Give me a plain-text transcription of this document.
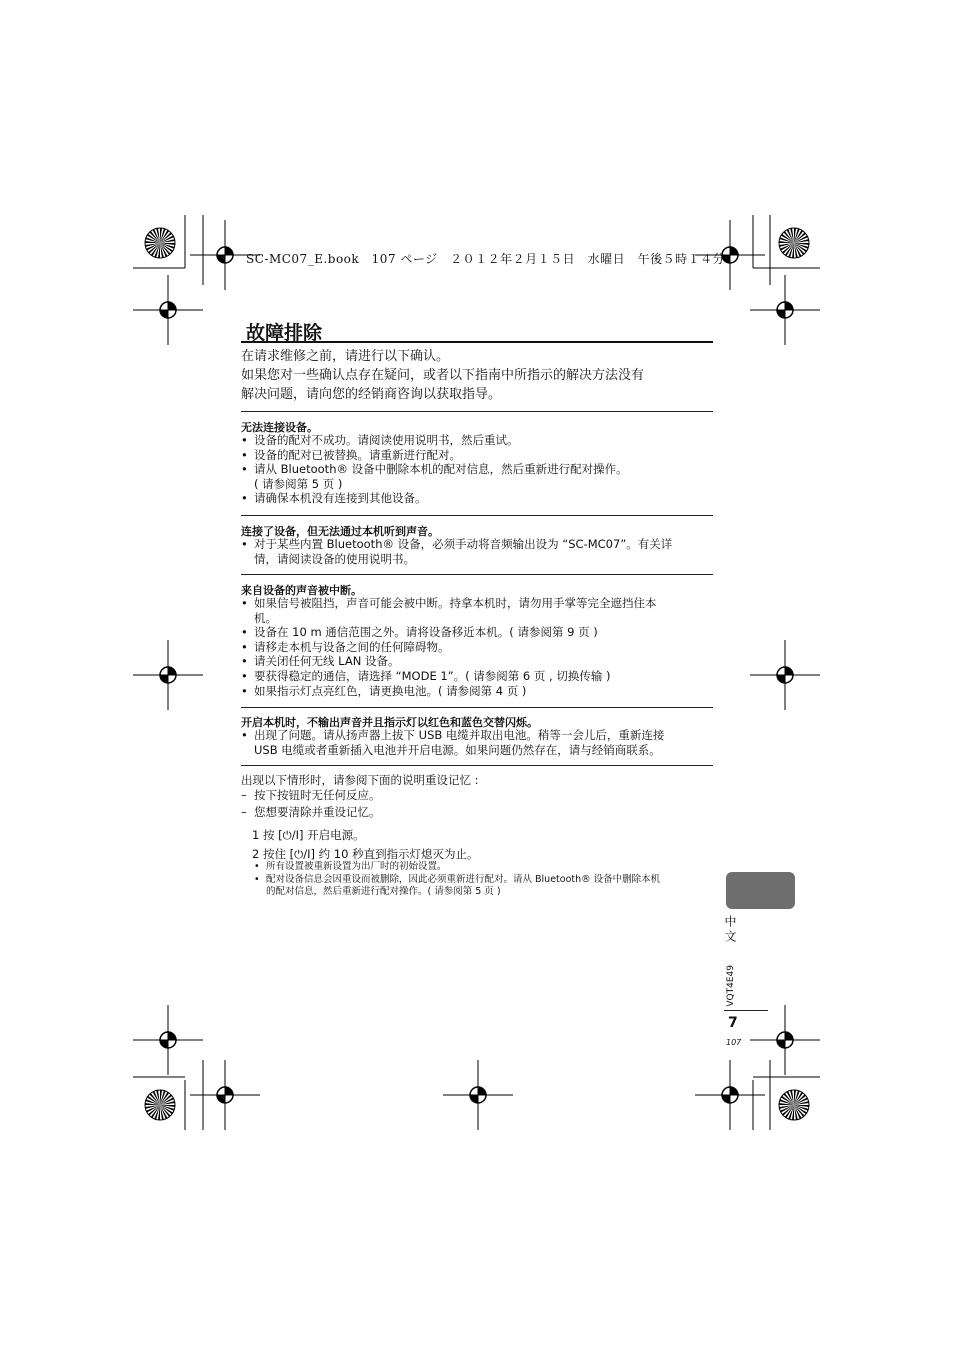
SC-MC07_E.book　107 ページ　２０１２年２月１５日　水曜日　午後５時１４分
故障排除
在请求维修之前，请进行以下确认。
如果您对一些确认点存在疑问，或者以下指南中所指示的解决方法没有
解决问题，请向您的经销商咨询以获取指导。
无法连接设备。
• 设备的配对不成功。请阅读使用说明书，然后重试。
• 设备的配对已被替换。请重新进行配对。
• 请从 Bluetooth® 设备中删除本机的配对信息，然后重新进行配对操作。
( 请参阅第 5 页 )
• 请确保本机没有连接到其他设备。
连接了设备，但无法通过本机听到声音。
• 对于某些内置 Bluetooth® 设备，必须手动将音频输出设为 “SC-MC07”。有关详
情，请阅读设备的使用说明书。
来自设备的声音被中断。
• 如果信号被阻挡，声音可能会被中断。持拿本机时，请勿用手掌等完全遮挡住本
机。
• 设备在 10 m 通信范围之外。请将设备移近本机。( 请参阅第 9 页 )
• 请移走本机与设备之间的任何障碍物。
• 请关闭任何无线 LAN 设备。
• 要获得稳定的通信，请选择 “MODE 1”。( 请参阅第 6 页 , 切换传输 )
• 如果指示灯点亮红色，请更换电池。( 请参阅第 4 页 )
开启本机时，不输出声音并且指示灯以红色和蓝色交替闪烁。
• 出现了问题。请从扬声器上拔下 USB 电缆并取出电池。稍等一会儿后，重新连接
USB 电缆或者重新插入电池并开启电源。如果问题仍然存在，请与经销商联系。
出现以下情形时，请参阅下面的说明重设记忆 :
– 按下按钮时无任何反应。
– 您想要清除并重设记忆。
1 按 [⏻/I] 开启电源。
2 按住 [⏻/I] 约 10 秒直到指示灯熄灭为止。
• 所有设置被重新设置为出厂时的初始设置。
• 配对设备信息会因重设而被删除，因此必须重新进行配对。请从 Bluetooth® 设备中删除本机
的配对信息，然后重新进行配对操作。( 请参阅第 5 页 )
中文
VQT4E49
7
107
